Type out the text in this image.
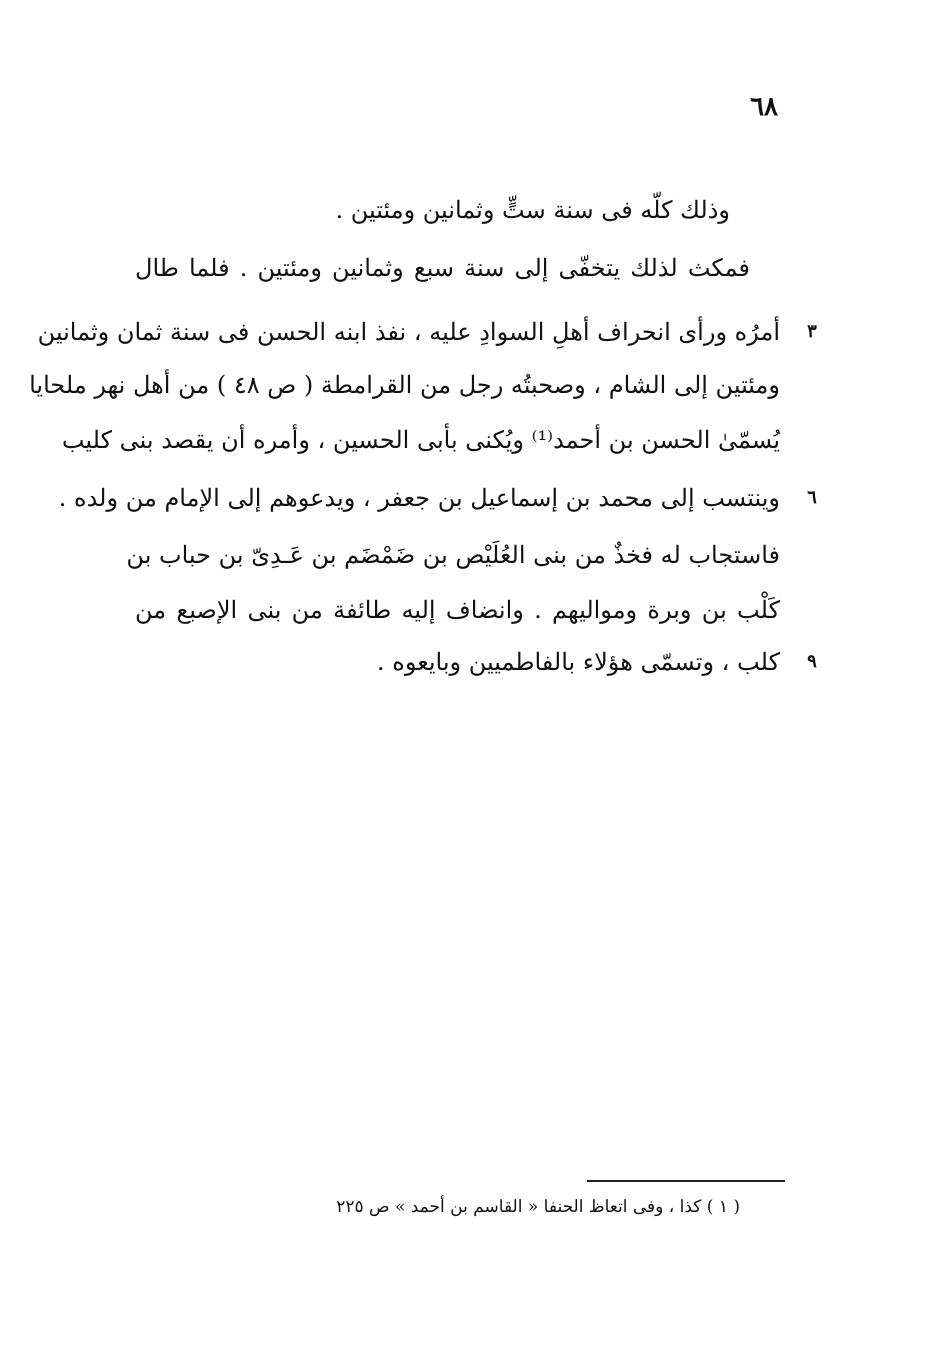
٦٨
وذلك كلّه فى سنة ستٍّ وثمانين ومئتين .
فمكث لذلك يتخفّى إلى سنة سبع وثمانين ومئتين . فلما طال
أمرُه ورأى انحراف أهلِ السوادِ عليه ، نفذ ابنه الحسن فى سنة ثمان وثمانين ٣
ومئتين إلى الشام ، وصحبتُه رجل من القرامطة ( ص ٤٨ ) من أهل نهر ملحايا
يُسمّىٰ الحسن بن أحمد⁽¹⁾ ويُكنى بأبى الحسين ، وأمره أن يقصد بنى كليب
وينتسب إلى محمد بن إسماعيل بن جعفر ، ويدعوهم إلى الإمام من ولده . ٦
فاستجاب له فخذٌ من بنى العُلَيْص بن ضَمْضَم بن عَـدِىّ بن حباب بن
كَلْب بن وبرة ومواليهم . وانضاف إليه طائفة من بنى الإصبع من
كلب ، وتسمّى هؤلاء بالفاطميين وبايعوه . ٩
( ١ ) كذا ، وفى اتعاظ الحنفا « القاسم بن أحمد » ص ٢٢٥
